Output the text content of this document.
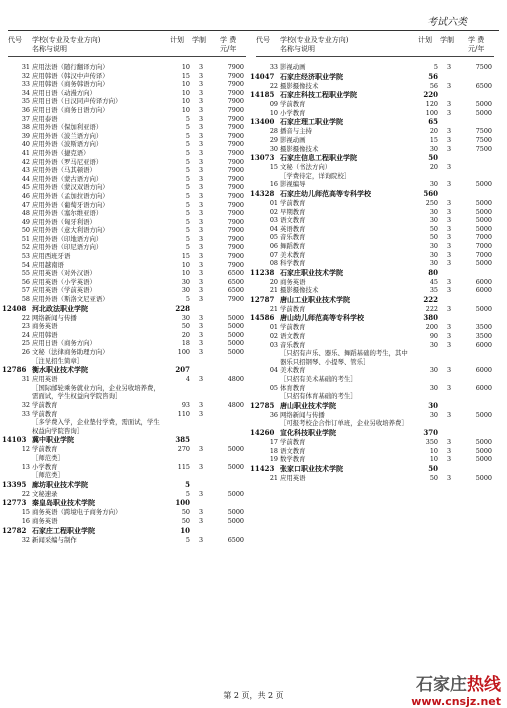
考试六类
代号 学校(专业及专业方向)
名称与说明
计划 学制 学 费
元/年
31 应用法语（随行翻译方向）	10	3	7900
32 应用韩语（韩汉中声传译）	15	3	7900
33 应用韩语（商务韩语方向）	10	3	7900
34 应用日语（动漫方向）	10	3	7900
35 应用日语（日汉同声传译方向）	10	3	7900
36 应用日语（商务日语方向）	10	3	7900
37 应用泰语	5	3	7900
38 应用外语（保加利亚语）	5	3	7900
39 应用外语（波兰语方向）	5	3	7900
40 应用外语（波斯语方向）	5	3	7900
41 应用外语（捷克语）	5	3	7900
42 应用外语（罗马尼亚语）	5	3	7900
43 应用外语（马其顿语）	5	3	7900
44 应用外语（蒙古语方向）	5	3	7900
45 应用外语（蒙汉双语方向）	5	3	7900
46 应用外语（孟加拉语方向）	5	3	7900
47 应用外语（葡萄牙语方向）	5	3	7900
48 应用外语（塞尔维亚语）	5	3	7900
49 应用外语（匈牙利语）	5	3	7900
50 应用外语（意大利语方向）	5	3	7900
51 应用外语（印地语方向）	5	3	7900
52 应用外语（印尼语方向）	5	3	7900
53 应用西班牙语	15	3	7900
54 应用越南语	10	3	7900
55 应用英语（对外汉语）	10	3	6500
56 应用英语（小学英语）	30	3	6500
57 应用英语（学前英语）	30	3	6500
58 应用外语（斯洛文尼亚语）	5	3	7900
12408 河北政法职业学院	228
22 网络新闻与传播	30	3	5000
23 商务英语	50	3	5000
24 应用韩语	20	3	5000
25 应用日语（商务方向）	18	3	5000
26 文秘（法律商务助理方向）	100	3	5000
［注见招生简章］
12786 衡水职业技术学院	207
31 应用英语	4	3	4800
［国际邮轮乘务就业方向，企业另收培养费，需面试，学生权益向学院咨询］
32 学前教育	93	3	4800
33 学前教育	110	3
［多学费入学，企业垫付学费，需面试，学生权益向学院咨询］
14103 冀中职业学院	385
12 学前教育	270	3	5000
［师范类］
13 小学教育	115	3	5000
［师范类］
13395 廊坊职业技术学院	5
22 文秘速录	5	3	5000
12773 秦皇岛职业技术学院	100
15 商务英语（跨境电子商务方向）	50	3	5000
16 商务英语	50	3	5000
12782 石家庄工程职业学院	10
32 新闻采编与制作	5	3	6500
代号 学校(专业及专业方向)
名称与说明
计划 学制 学 费
元/年
33 影视动画	5	3	7500
14047 石家庄经济职业学院	56
22 摄影摄像技术	56	3	6500
14185 石家庄科技工程职业学院	220
09 学前教育	120	3	5000
10 小学教育	100	3	5000
13400 石家庄理工职业学院	65
28 播音与主持	20	3	7500
29 影视动画	15	3	7500
30 摄影摄像技术	30	3	7500
13073 石家庄信息工程职业学院	50
15 文秘（书法方向）	20	3
［学费待定，详询院校］
16 影视编导	30	3	5000
14328 石家庄幼儿师范高等专科学校	560
01 学前教育	250	3	5000
02 早期教育	30	3	5000
03 语文教育	30	3	5000
04 英语教育	50	3	5000
05 音乐教育	50	3	7000
06 舞蹈教育	30	3	7000
07 美术教育	30	3	7000
08 科学教育	30	3	5000
11238 石家庄职业技术学院	80
20 商务英语	45	3	6000
21 摄影摄像技术	35	3	6000
12787 唐山工业职业技术学院	222
21 学前教育	222	3	5000
14586 唐山幼儿师范高等专科学校	380
01 学前教育	200	3	3500
02 语文教育	90	3	3500
03 音乐教育	30	3	6000
［只招有声乐、器乐、舞蹈基础的考生，其中器乐只招钢琴、小提琴、管乐］
04 美术教育	30	3	6000
［只招有美术基础的考生］
05 体育教育	30	3	6000
［只招有体育基础的考生］
12785 唐山职业技术学院	30
36 网络新闻与传播	30	3	5000
［可报考校企合作订单班，企业另收培养费］
14260 宣化科技职业学院	370
17 学前教育	350	3	5000
18 语文教育	10	3	5000
19 数学教育	10	3	5000
11423 张家口职业技术学院	50
21 应用英语	50	3	5000
第 2 页，共 2 页
石家庄热线
www.cnsjz.net
